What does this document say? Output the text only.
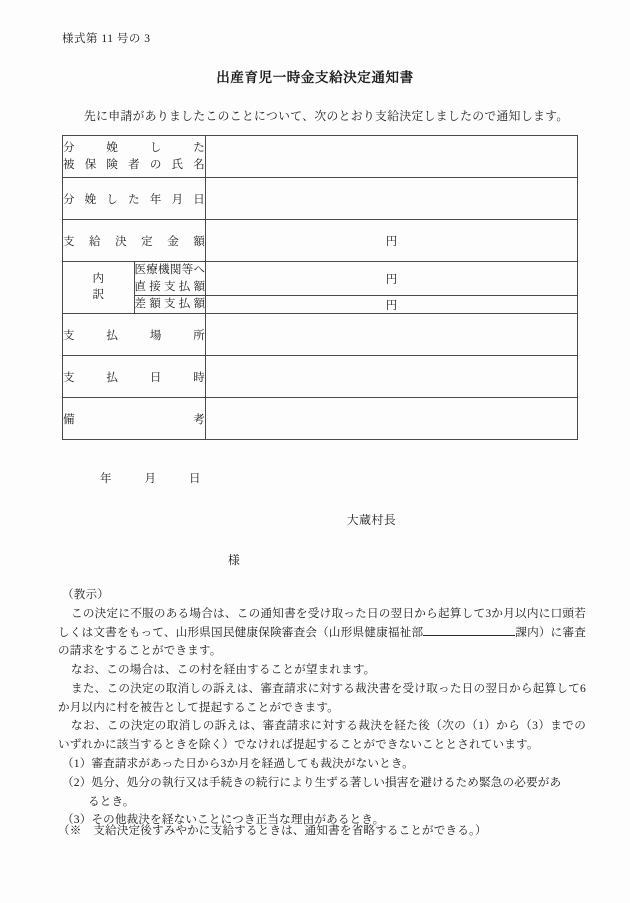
様式第 11 号の 3
出産育児一時金支給決定通知書
先に申請がありましたこのことについて、次のとおり支給決定しましたので通知します。
分　娩　し　た
被保険者の氏名		

分娩した年月日		
支給決定金額		円

内
訳	医療機関等へ
直接支払額	円
	差額支払額	円
支払場所		
支払日時		
備考		
年	月	日
大蔵村長
様

（教示）

この決定に不服のある場合は、この通知書を受け取った日の翌日から起算して3か月以内に口頭若しくは文書をもって、山形県国民健康保険審査会（山形県健康福祉部	課内）に審査の請求をすることができます。

なお、この場合は、この村を経由することが望まれます。

また、この決定の取消しの訴えは、審査請求に対する裁決書を受け取った日の翌日から起算して6か月以内に村を被告として提起することができます。

なお、この決定の取消しの訴えは、審査請求に対する裁決を経た後（次の（1）から（3）までのいずれかに該当するときを除く）でなければ提起することができないこととされています。

（1）審査請求があった日から3か月を経過しても裁決がないとき。

（2）処分、処分の執行又は手続きの続行により生ずる著しい損害を避けるため緊急の必要があ

るとき。

（3）その他裁決を経ないことにつき正当な理由があるとき。

（※　支給決定後すみやかに支給するときは、通知書を省略することができる。）
